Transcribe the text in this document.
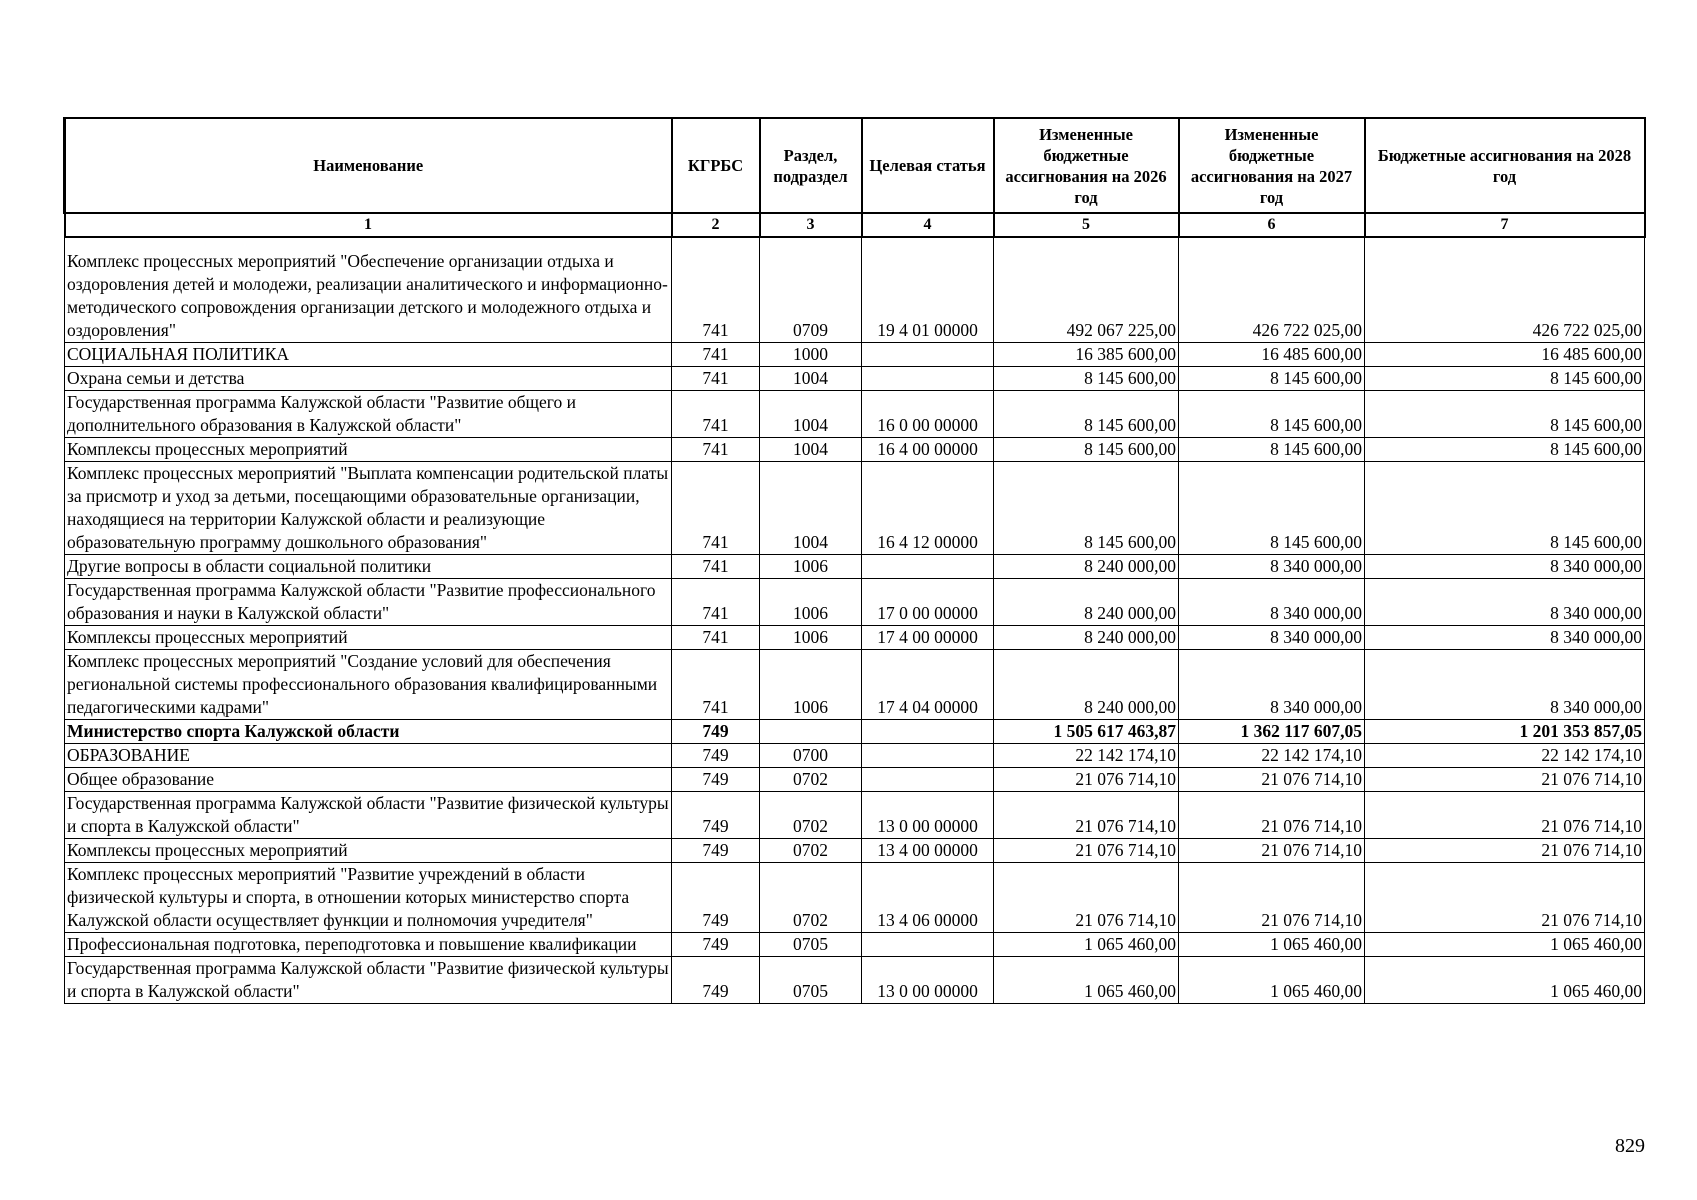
Наименование	КГРБС	Раздел, подраздел	Целевая статья	Измененные бюджетные ассигнования на 2026 год	Измененные бюджетные ассигнования на 2027 год	Бюджетные ассигнования на 2028 год
1	2	3	4	5	6	7

Комплекс процессных мероприятий "Обеспечение организации отдыха и оздоровления детей и молодежи, реализации аналитического и информационно-методического сопровождения организации детского и молодежного отдыха и оздоровления"	741	0709	19 4 01 00000	492 067 225,00	426 722 025,00	426 722 025,00
СОЦИАЛЬНАЯ ПОЛИТИКА	741	1000		16 385 600,00	16 485 600,00	16 485 600,00
Охрана семьи и детства	741	1004		8 145 600,00	8 145 600,00	8 145 600,00
Государственная программа Калужской области "Развитие общего и дополнительного образования в Калужской области"	741	1004	16 0 00 00000	8 145 600,00	8 145 600,00	8 145 600,00
Комплексы процессных мероприятий	741	1004	16 4 00 00000	8 145 600,00	8 145 600,00	8 145 600,00
Комплекс процессных мероприятий "Выплата компенсации родительской платы за присмотр и уход за детьми, посещающими образовательные организации, находящиеся на территории Калужской области и реализующие образовательную программу дошкольного образования"	741	1004	16 4 12 00000	8 145 600,00	8 145 600,00	8 145 600,00
Другие вопросы в области социальной политики	741	1006		8 240 000,00	8 340 000,00	8 340 000,00
Государственная программа Калужской области "Развитие профессионального образования и науки в Калужской области"	741	1006	17 0 00 00000	8 240 000,00	8 340 000,00	8 340 000,00
Комплексы процессных мероприятий	741	1006	17 4 00 00000	8 240 000,00	8 340 000,00	8 340 000,00
Комплекс процессных мероприятий "Создание условий для обеспечения региональной системы профессионального образования квалифицированными педагогическими кадрами"	741	1006	17 4 04 00000	8 240 000,00	8 340 000,00	8 340 000,00
Министерство спорта Калужской области	749			1 505 617 463,87	1 362 117 607,05	1 201 353 857,05
ОБРАЗОВАНИЕ	749	0700		22 142 174,10	22 142 174,10	22 142 174,10
Общее образование	749	0702		21 076 714,10	21 076 714,10	21 076 714,10
Государственная программа Калужской области "Развитие физической культуры и спорта в Калужской области"	749	0702	13 0 00 00000	21 076 714,10	21 076 714,10	21 076 714,10
Комплексы процессных мероприятий	749	0702	13 4 00 00000	21 076 714,10	21 076 714,10	21 076 714,10
Комплекс процессных мероприятий "Развитие учреждений в области физической культуры и спорта, в отношении которых министерство спорта Калужской области осуществляет функции и полномочия учредителя"	749	0702	13 4 06 00000	21 076 714,10	21 076 714,10	21 076 714,10
Профессиональная подготовка, переподготовка и повышение квалификации	749	0705		1 065 460,00	1 065 460,00	1 065 460,00
Государственная программа Калужской области "Развитие физической культуры и спорта в Калужской области"	749	0705	13 0 00 00000	1 065 460,00	1 065 460,00	1 065 460,00
829
